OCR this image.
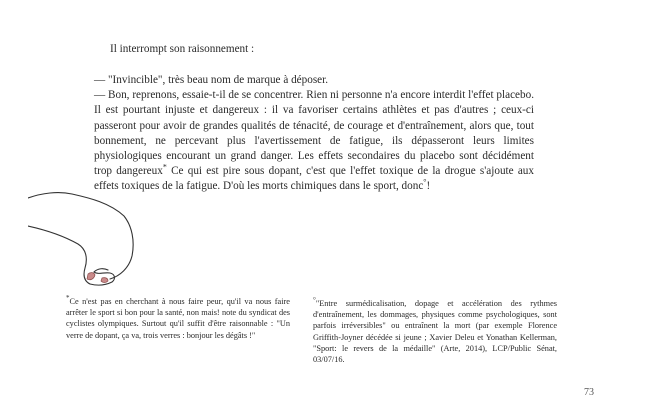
Il interrompt son raisonnement :

— "Invincible", très beau nom de marque à déposer.

— Bon, reprenons, essaie-t-il de se concentrer. Rien ni personne n'a encore interdit l'effet placebo. Il est pourtant injuste et dangereux : il va favoriser certains athlètes et pas d'autres ; ceux-ci passeront pour avoir de grandes qualités de ténacité, de courage et d'entraînement, alors que, tout bonnement, ne percevant plus l'avertissement de fatigue, ils dépasseront leurs limites physiologiques encourant un grand danger. Les effets secondaires du placebo sont décidément trop dangereux* Ce qui est pire sous dopant, c'est que l'effet toxique de la drogue s'ajoute aux effets toxiques de la fatigue. D'où les morts chimiques dans le sport, donc°!

*Ce n'est pas en cherchant à nous faire peur, qu'il va nous faire arrêter le sport si bon pour la santé, non mais! note du syndicat des cyclistes olympiques. Surtout qu'il suffit d'être raisonnable : "Un verre de dopant, ça va, trois verres : bonjour les dégâts !"
°"Entre surmédicalisation, dopage et accélération des rythmes d'entraînement, les dommages, physiques comme psychologiques, sont parfois irréversibles" ou entraînent la mort (par exemple Florence Griffith-Joyner décédée si jeune ; Xavier Deleu et Yonathan Kellerman, "Sport: le revers de la médaille" (Arte, 2014), LCP/Public Sénat, 03/07/16.
73
